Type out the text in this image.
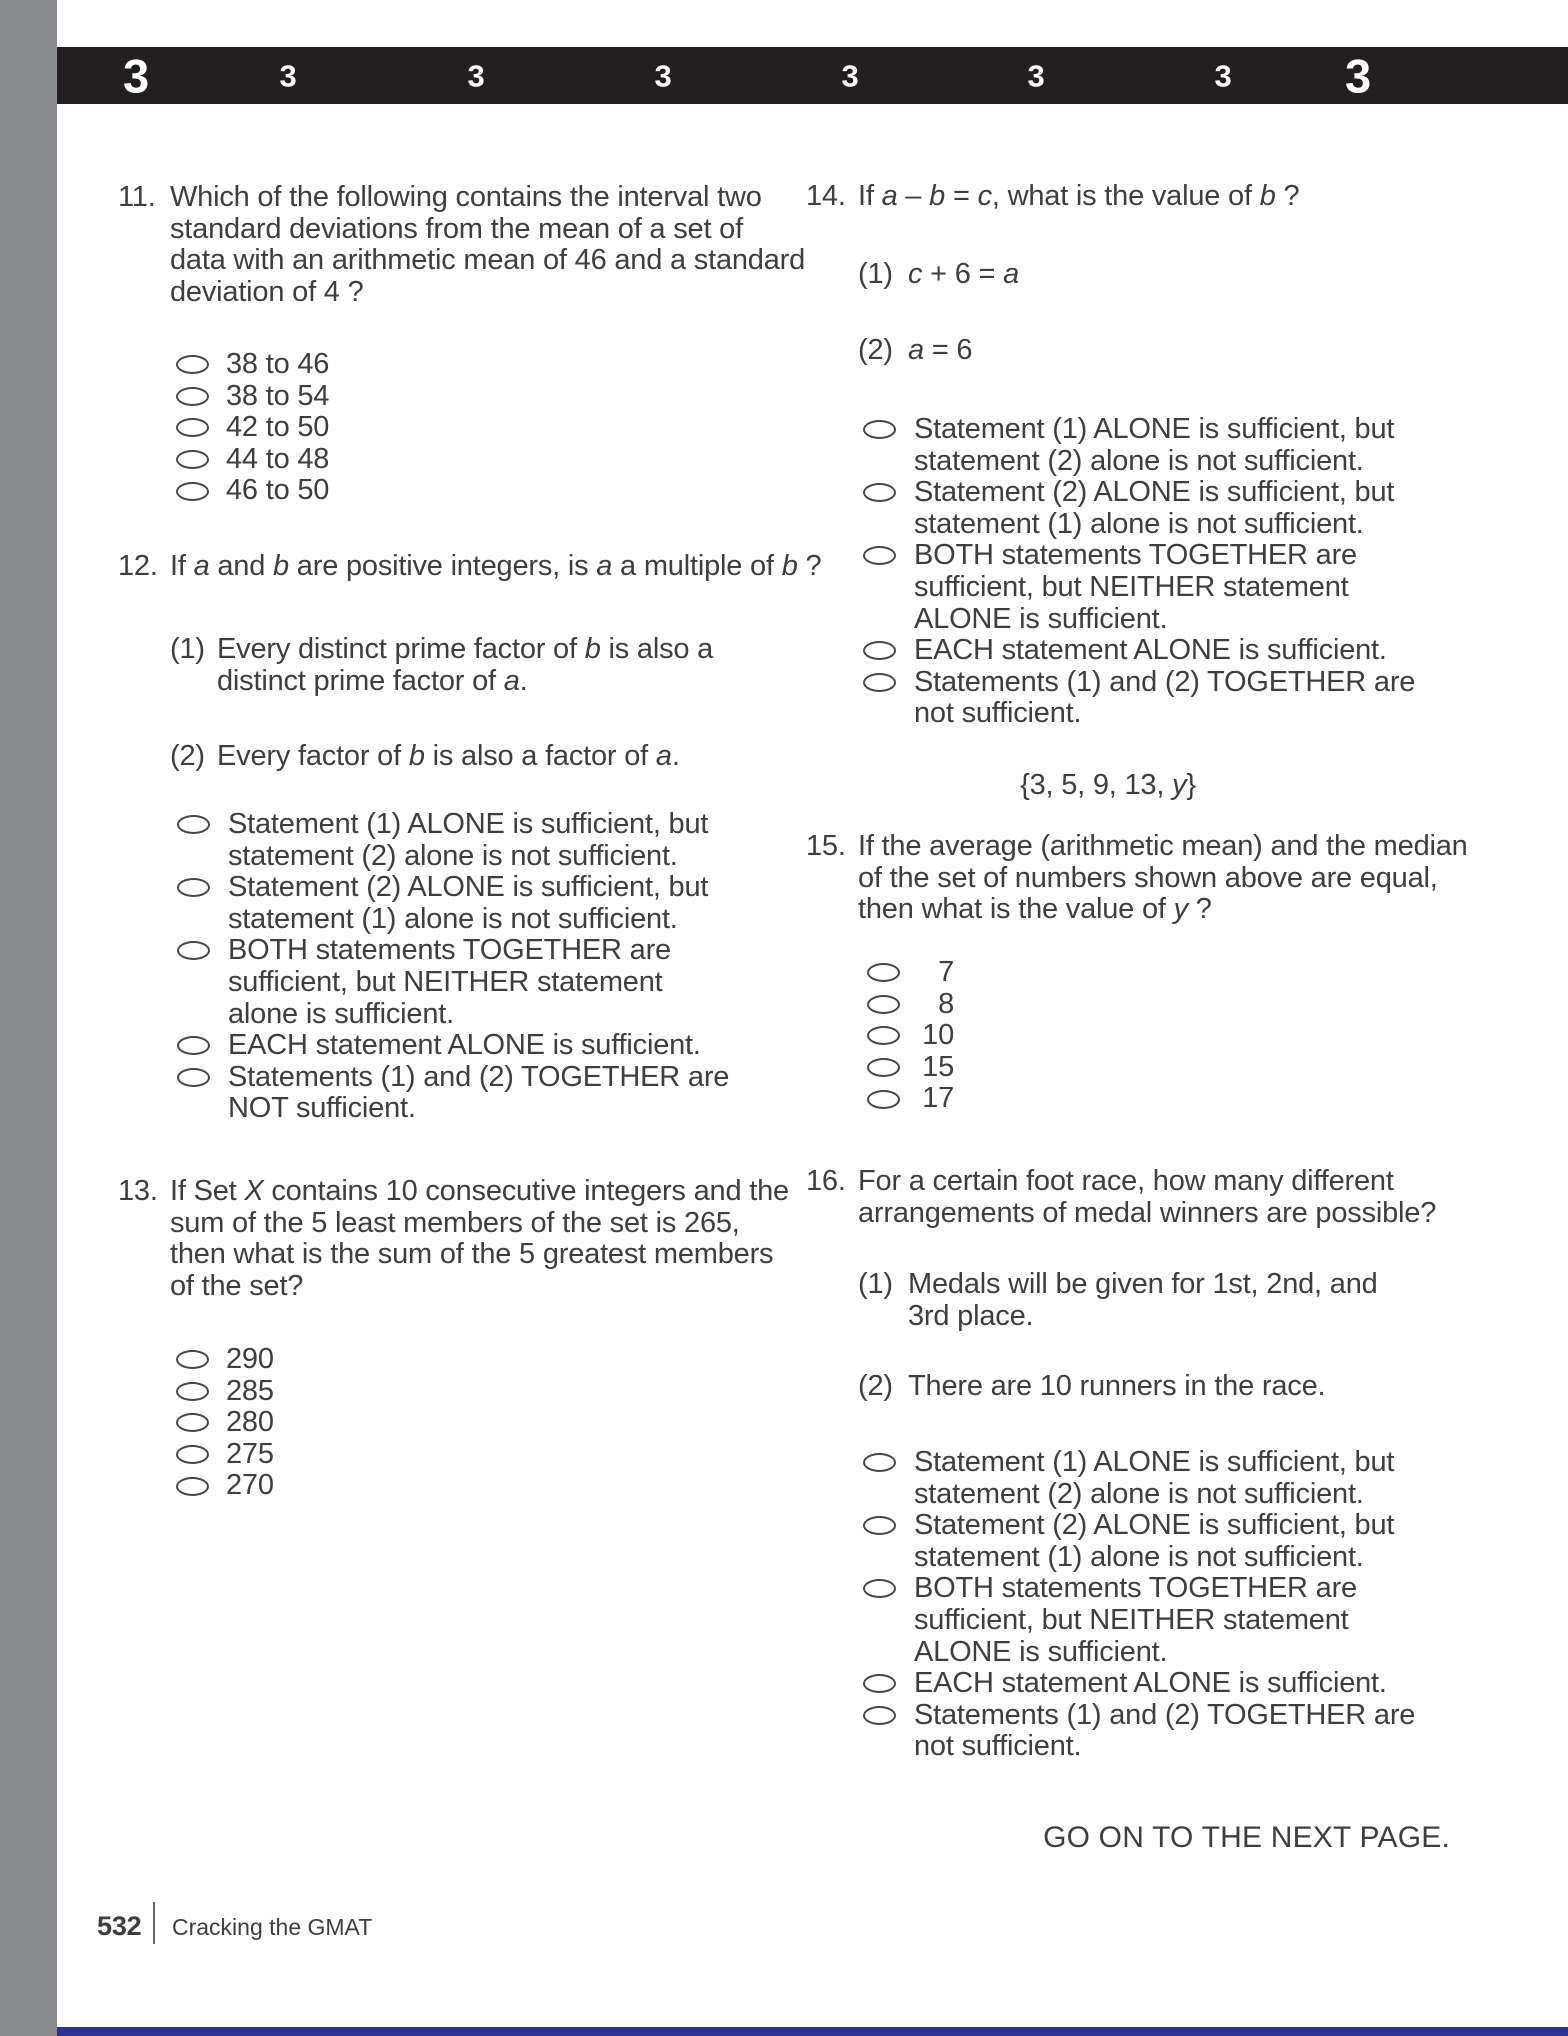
3	3	3	3	3	3	3 3
11. Which of the following contains the interval two
standard deviations from the mean of a set of
data with an arithmetic mean of 46 and a standard
deviation of 4 ?
38 to 46
38 to 54
42 to 50
44 to 48
46 to 50
12. If a and b are positive integers, is a a multiple of b ?
(1) Every distinct prime factor of b is also a
distinct prime factor of a.
(2) Every factor of b is also a factor of a.
Statement (1) ALONE is sufficient, but
statement (2) alone is not sufficient.
Statement (2) ALONE is sufficient, but
statement (1) alone is not sufficient.
BOTH statements TOGETHER are
sufficient, but NEITHER statement
alone is sufficient.
EACH statement ALONE is sufficient.
Statements (1) and (2) TOGETHER are
NOT sufficient.
13. If Set X contains 10 consecutive integers and the
sum of the 5 least members of the set is 265,
then what is the sum of the 5 greatest members
of the set?
290
285
280
275
270
14. If a – b = c, what is the value of b ?
(1) c + 6 = a
(2) a = 6
Statement (1) ALONE is sufficient, but
statement (2) alone is not sufficient.
Statement (2) ALONE is sufficient, but
statement (1) alone is not sufficient.
BOTH statements TOGETHER are
sufficient, but NEITHER statement
ALONE is sufficient.
EACH statement ALONE is sufficient.
Statements (1) and (2) TOGETHER are
not sufficient.
{3, 5, 9, 13, y}
15. If the average (arithmetic mean) and the median
of the set of numbers shown above are equal,
then what is the value of y ?
7
8
10
15
17
16. For a certain foot race, how many different
arrangements of medal winners are possible?
(1) Medals will be given for 1st, 2nd, and
3rd place.
(2) There are 10 runners in the race.
Statement (1) ALONE is sufficient, but
statement (2) alone is not sufficient.
Statement (2) ALONE is sufficient, but
statement (1) alone is not sufficient.
BOTH statements TOGETHER are
sufficient, but NEITHER statement
ALONE is sufficient.
EACH statement ALONE is sufficient.
Statements (1) and (2) TOGETHER are
not sufficient.
GO ON TO THE NEXT PAGE.
532 Cracking the GMAT
